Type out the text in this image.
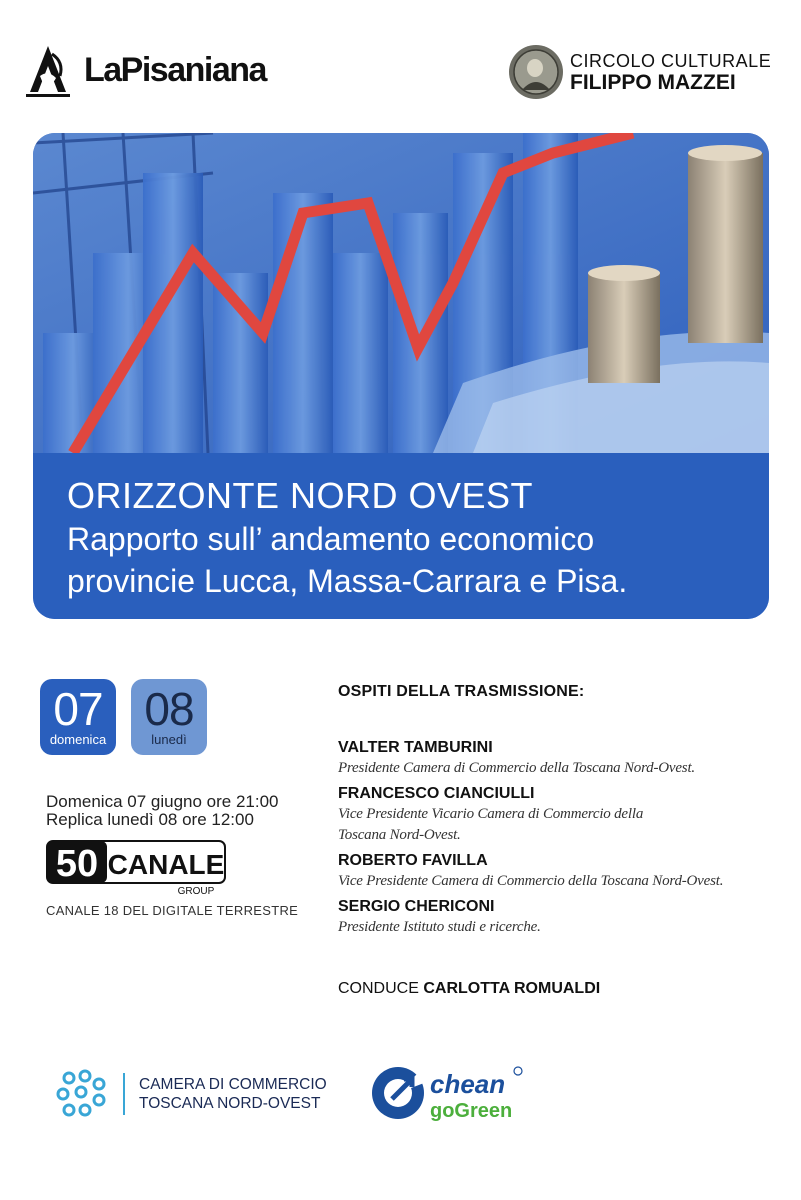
LaPisaniana	CIRCOLO CULTURALE
FILIPPO MAZZEI
ORIZZONTE NORD OVEST
Rapporto sull’ andamento economico
provincie Lucca, Massa-Carrara e Pisa.
07
domenica
08
lunedì
Domenica 07 giugno ore 21:00
Replica lunedì 08 ore 12:00
50 CANALE
GROUP
CANALE 18 DEL DIGITALE TERRESTRE
OSPITI DELLA TRASMISSIONE:
VALTER TAMBURINI
Presidente Camera di Commercio della Toscana Nord-Ovest.
FRANCESCO CIANCIULLI
Vice Presidente Vicario Camera di Commercio della
Toscana Nord-Ovest.
ROBERTO FAVILLA
Vice Presidente Camera di Commercio della Toscana Nord-Ovest.
SERGIO CHERICONI
Presidente Istituto studi e ricerche.
CONDUCE CARLOTTA ROMUALDI
CAMERA DI COMMERCIO
TOSCANA NORD-OVEST
chean
goGreen
